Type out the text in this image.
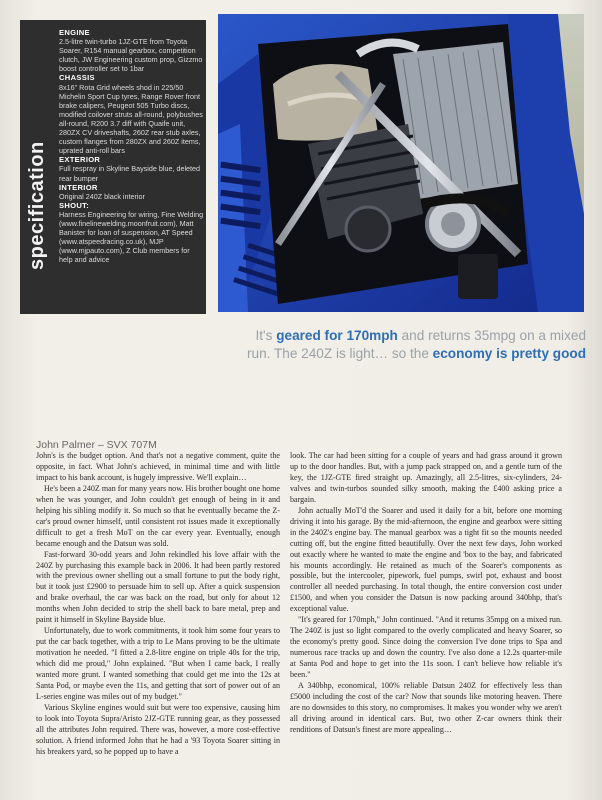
specification
ENGINE
2.5-litre twin-turbo 1JZ-GTE from Toyota Soarer, R154 manual gearbox, competition clutch, JW Engineering custom prop, Gizzmo boost controller set to 1bar
CHASSIS
8x16" Rota Grid wheels shod in 225/50 Michelin Sport Cup tyres, Range Rover front brake calipers, Peugeot 505 Turbo discs, modified coilover struts all-round, polybushes all-round, R200 3.7 diff with Quaife unit, 280ZX CV driveshafts, 260Z rear stub axles, custom flanges from 280ZX and 260Z items, uprated anti-roll bars
EXTERIOR
Full respray in Skyline Bayside blue, deleted rear bumper
INTERIOR
Original 240Z black interior
SHOUT:
Harness Engineering for wiring, Fine Welding (www.finelinewelding.moonfruit.com), Matt Banister for loan of suspension, AT Speed (www.atspeedracing.co.uk), MJP (www.mjpauto.com), Z Club members for help and advice
It's geared for 170mph and returns 35mpg on a mixed run. The 240Z is light… so the economy is pretty good
John Palmer – SVX 707M

John's is the budget option. And that's not a negative comment, quite the opposite, in fact. What John's achieved, in minimal time and with little impact to his bank account, is hugely impressive. We'll explain…

He's been a 240Z man for many years now. His brother bought one home when he was younger, and John couldn't get enough of being in it and helping his sibling modify it. So much so that he eventually became the Z-car's proud owner himself, until consistent rot issues made it exceptionally difficult to get a fresh MoT on the car every year. Eventually, enough became enough and the Datsun was sold.

Fast-forward 30-odd years and John rekindled his love affair with the 240Z by purchasing this example back in 2006. It had been partly restored with the previous owner shelling out a small fortune to put the body right, but it took just £2900 to persuade him to sell up. After a quick suspension and brake overhaul, the car was back on the road, but only for about 12 months when John decided to strip the shell back to bare metal, prep and paint it himself in Skyline Bayside blue.

Unfortunately, due to work commitments, it took him some four years to put the car back together, with a trip to Le Mans proving to be the ultimate motivation he needed. "I fitted a 2.8-litre engine on triple 40s for the trip, which did me proud," John explained. "But when I came back, I really wanted more grunt. I wanted something that could get me into the 12s at Santa Pod, or maybe even the 11s, and getting that sort of power out of an L-series engine was miles out of my budget."

Various Skyline engines would suit but were too expensive, causing him to look into Toyota Supra/Aristo 2JZ-GTE running gear, as they possessed all the attributes John required. There was, however, a more cost-effective solution. A friend informed John that he had a '93 Toyota Soarer sitting in his breakers yard, so he popped up to have a

look. The car had been sitting for a couple of years and had grass around it grown up to the door handles. But, with a jump pack strapped on, and a gentle turn of the key, the 1JZ-GTE fired straight up. Amazingly, all 2.5-litres, six-cylinders, 24-valves and twin-turbos sounded silky smooth, making the £400 asking price a bargain.

John actually MoT'd the Soarer and used it daily for a bit, before one morning driving it into his garage. By the mid-afternoon, the engine and gearbox were sitting in the 240Z's engine bay. The manual gearbox was a tight fit so the mounts needed cutting off, but the engine fitted beautifully. Over the next few days, John worked out exactly where he wanted to mate the engine and 'box to the bay, and fabricated his mounts accordingly. He retained as much of the Soarer's components as possible, but the intercooler, pipework, fuel pumps, swirl pot, exhaust and boost controller all needed purchasing. In total though, the entire conversion cost under £1500, and when you consider the Datsun is now packing around 340bhp, that's exceptional value.

"It's geared for 170mph," John continued. "And it returns 35mpg on a mixed run. The 240Z is just so light compared to the overly complicated and heavy Soarer, so the economy's pretty good. Since doing the conversion I've done trips to Spa and numerous race tracks up and down the country. I've also done a 12.2s quarter-mile at Santa Pod and hope to get into the 11s soon. I can't believe how reliable it's been."

A 340bhp, economical, 100% reliable Datsun 240Z for effectively less than £5000 including the cost of the car? Now that sounds like motoring heaven. There are no downsides to this story, no compromises. It makes you wonder why we aren't all driving around in identical cars. But, two other Z-car owners think their renditions of Datsun's finest are more appealing…
